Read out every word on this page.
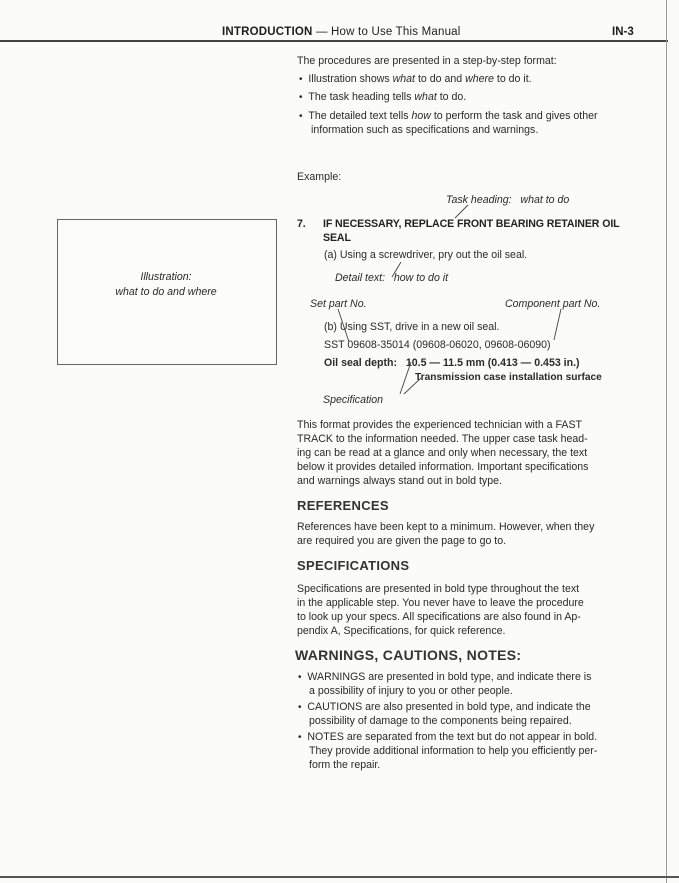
INTRODUCTION — How to Use This Manual	IN-3
The procedures are presented in a step-by-step format:
• Illustration shows what to do and where to do it.
• The task heading tells what to do.
• The detailed text tells how to perform the task and gives other
information such as specifications and warnings.
Example:
Task heading: what to do
7. IF NECESSARY, REPLACE FRONT BEARING RETAINER OIL
SEAL
(a) Using a screwdriver, pry out the oil seal.
Detail text: how to do it
Set part No.	Component part No.
(b) Using SST, drive in a new oil seal.
SST 09608-35014 (09608-06020, 09608-06090)
Oil seal depth: 10.5 — 11.5 mm (0.413 — 0.453 in.)
Transmission case installation surface
Specification
Illustration:
what to do and where
This format provides the experienced technician with a FAST
TRACK to the information needed. The upper case task head-
ing can be read at a glance and only when necessary, the text
below it provides detailed information. Important specifications
and warnings always stand out in bold type.
REFERENCES
References have been kept to a minimum. However, when they
are required you are given the page to go to.
SPECIFICATIONS
Specifications are presented in bold type throughout the text
in the applicable step. You never have to leave the procedure
to look up your specs. All specifications are also found in Ap-
pendix A, Specifications, for quick reference.
WARNINGS, CAUTIONS, NOTES:
• WARNINGS are presented in bold type, and indicate there is
a possibility of injury to you or other people.
• CAUTIONS are also presented in bold type, and indicate the
possibility of damage to the components being repaired.
• NOTES are separated from the text but do not appear in bold.
They provide additional information to help you efficiently per-
form the repair.
